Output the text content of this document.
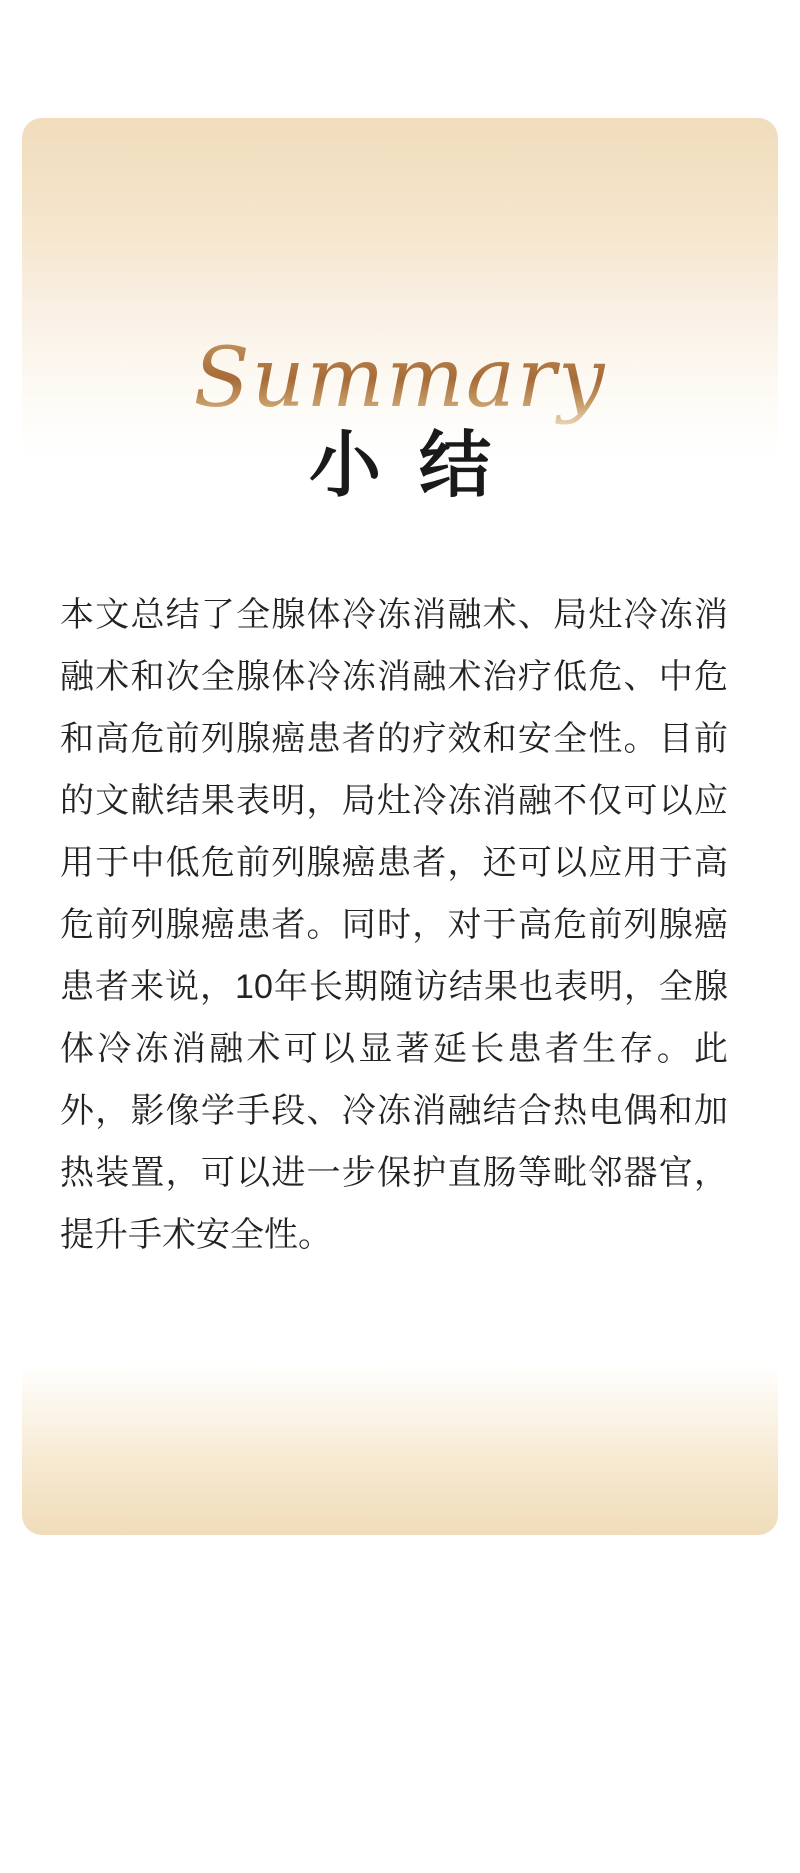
Summary
小 结
本文总结了全腺体冷冻消融术、局灶冷冻消
融术和次全腺体冷冻消融术治疗低危、中危
和高危前列腺癌患者的疗效和安全性。目前
的文献结果表明，局灶冷冻消融不仅可以应
用于中低危前列腺癌患者，还可以应用于高
危前列腺癌患者。同时，对于高危前列腺癌
患者来说，10年长期随访结果也表明，全腺
体冷冻消融术可以显著延长患者生存。此
外，影像学手段、冷冻消融结合热电偶和加
热装置，可以进一步保护直肠等毗邻器官，
提升手术安全性。
